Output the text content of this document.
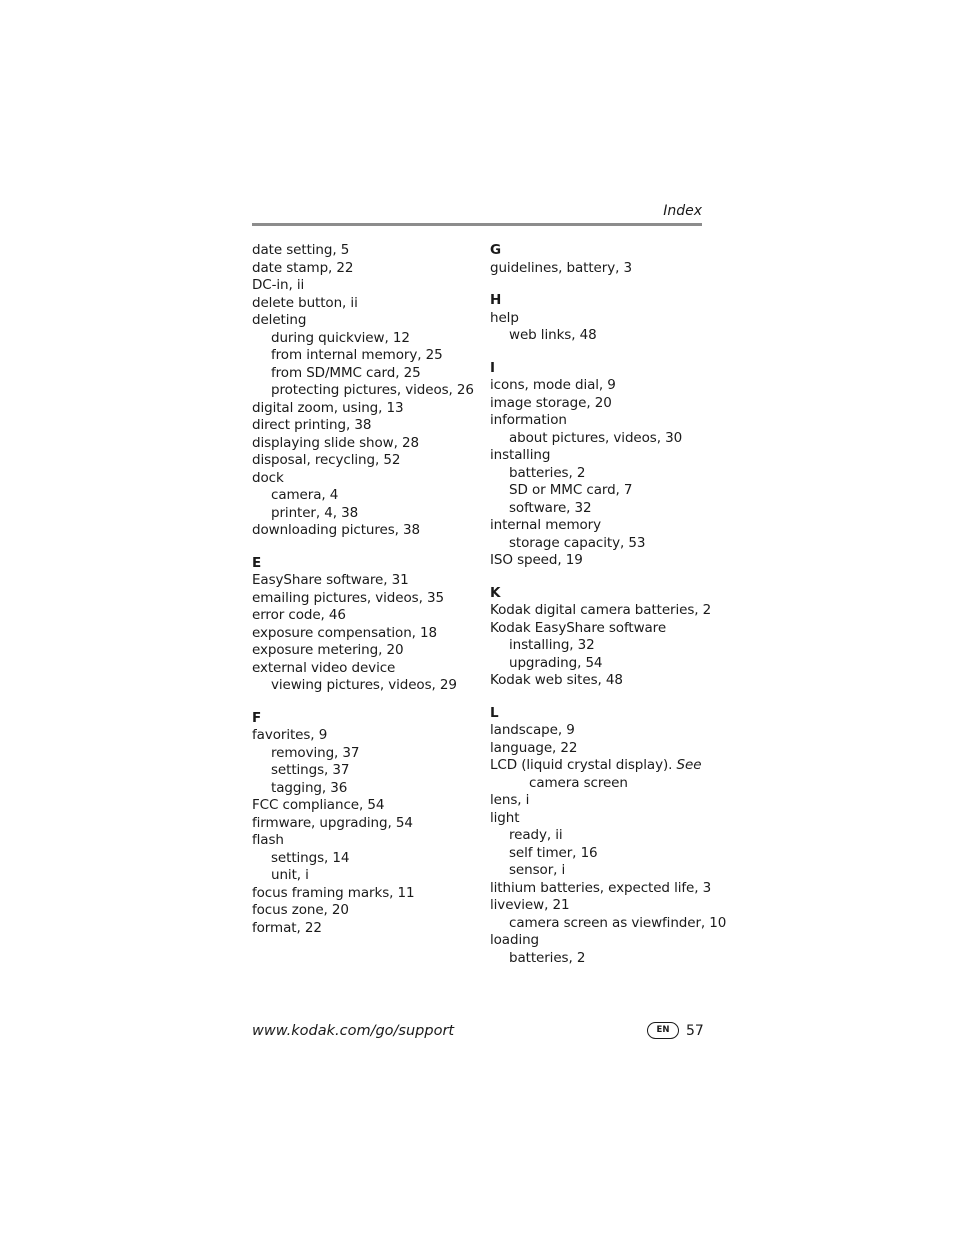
Index
date setting, 5
date stamp, 22
DC-in, ii
delete button, ii
deleting
during quickview, 12
from internal memory, 25
from SD/MMC card, 25
protecting pictures, videos, 26
digital zoom, using, 13
direct printing, 38
displaying slide show, 28
disposal, recycling, 52
dock
camera, 4
printer, 4, 38
downloading pictures, 38
E
EasyShare software, 31
emailing pictures, videos, 35
error code, 46
exposure compensation, 18
exposure metering, 20
external video device
viewing pictures, videos, 29
F
favorites, 9
removing, 37
settings, 37
tagging, 36
FCC compliance, 54
firmware, upgrading, 54
flash
settings, 14
unit, i
focus framing marks, 11
focus zone, 20
format, 22
G
guidelines, battery, 3
H
help
web links, 48
I
icons, mode dial, 9
image storage, 20
information
about pictures, videos, 30
installing
batteries, 2
SD or MMC card, 7
software, 32
internal memory
storage capacity, 53
ISO speed, 19
K
Kodak digital camera batteries, 2
Kodak EasyShare software
installing, 32
upgrading, 54
Kodak web sites, 48
L
landscape, 9
language, 22
LCD (liquid crystal display). See
camera screen
lens, i
light
ready, ii
self timer, 16
sensor, i
lithium batteries, expected life, 3
liveview, 21
camera screen as viewfinder, 10
loading
batteries, 2
www.kodak.com/go/support	EN	57
